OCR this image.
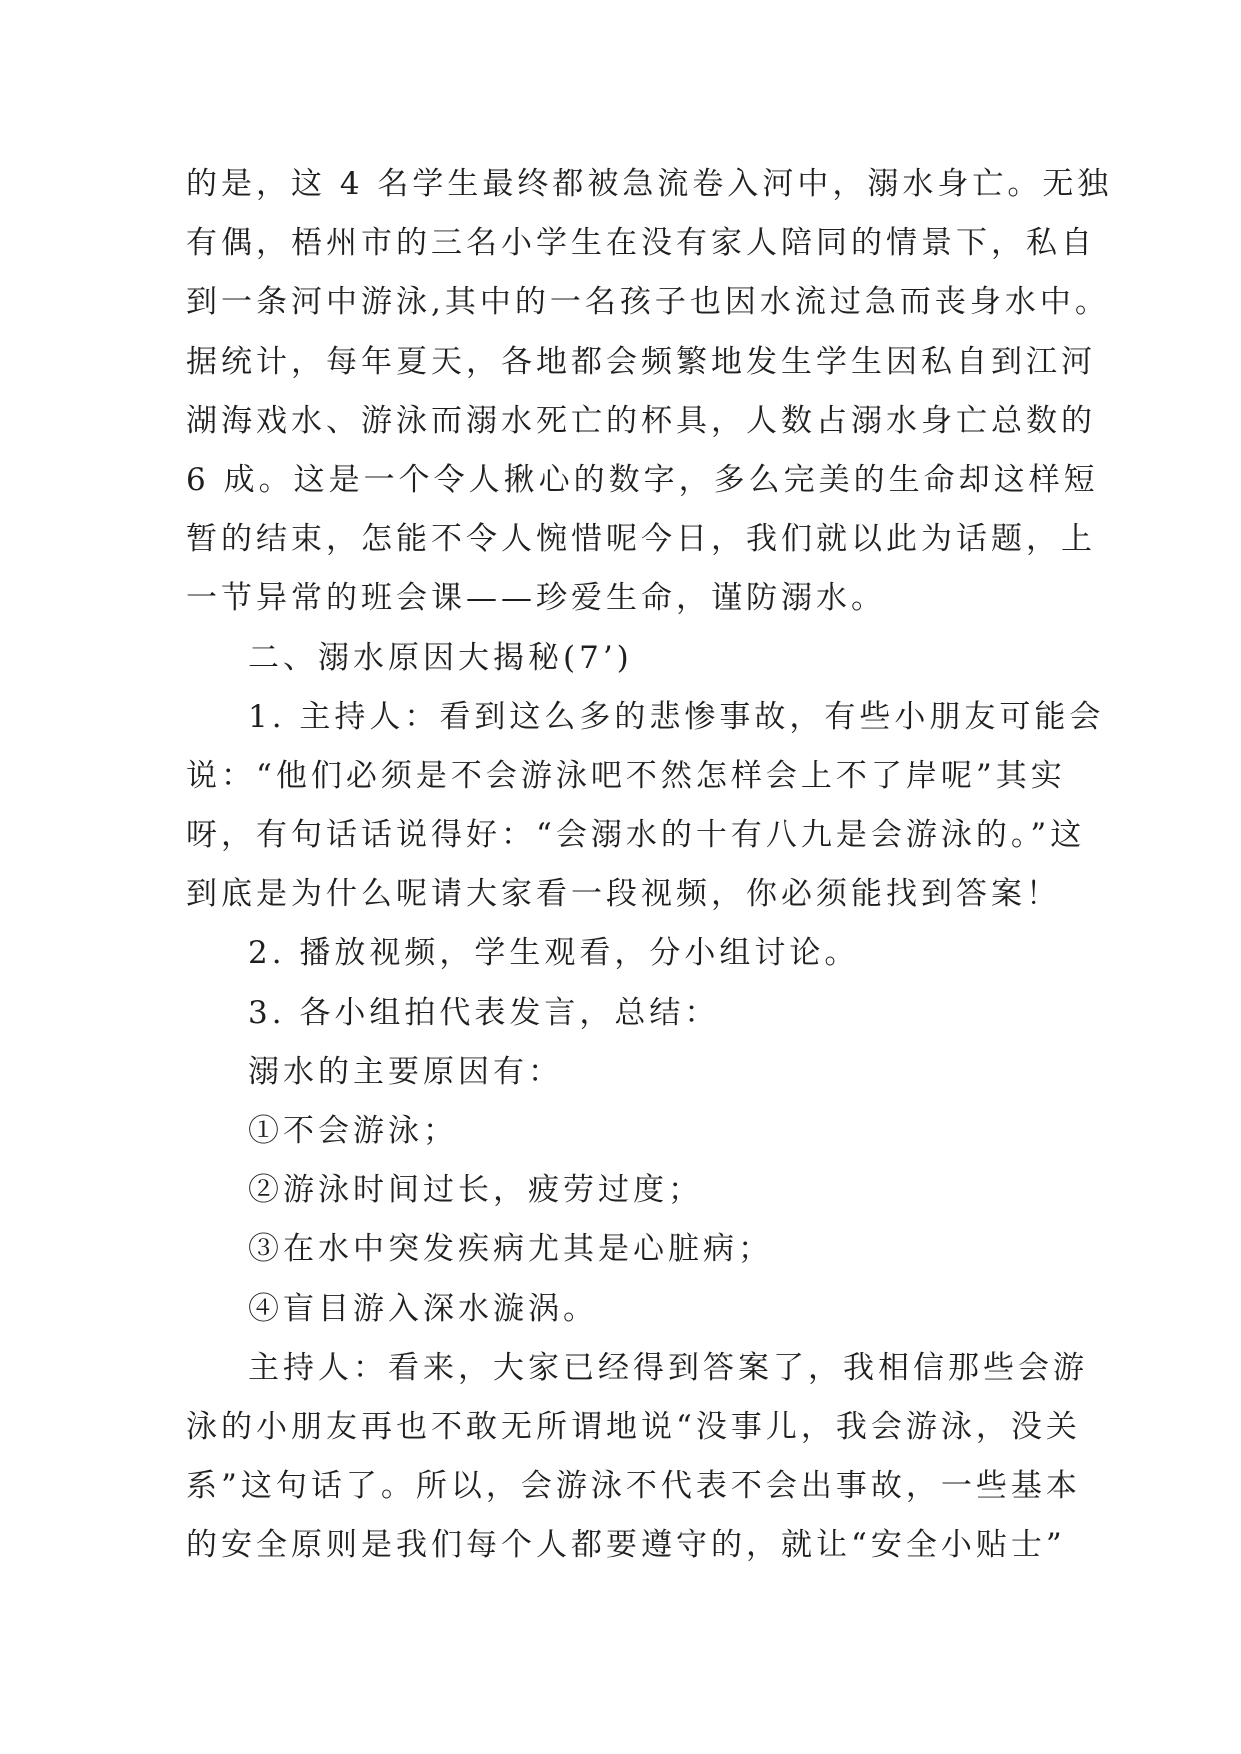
的是，这 4 名学生最终都被急流卷入河中，溺水身亡。无独
有偶，梧州市的三名小学生在没有家人陪同的情景下，私自
到一条河中游泳,其中的一名孩子也因水流过急而丧身水中。
据统计，每年夏天，各地都会频繁地发生学生因私自到江河
湖海戏水、游泳而溺水死亡的杯具，人数占溺水身亡总数的
6 成。这是一个令人揪心的数字，多么完美的生命却这样短
暂的结束，怎能不令人惋惜呢今日，我们就以此为话题，上
一节异常的班会课——珍爱生命，谨防溺水。
二、溺水原因大揭秘(7’)
1. 主持人：看到这么多的悲惨事故，有些小朋友可能会
说：“他们必须是不会游泳吧不然怎样会上不了岸呢”其实
呀，有句话话说得好：“会溺水的十有八九是会游泳的。”这
到底是为什么呢请大家看一段视频，你必须能找到答案！
2. 播放视频，学生观看，分小组讨论。
3. 各小组拍代表发言，总结：
溺水的主要原因有：
①不会游泳；
②游泳时间过长，疲劳过度；
③在水中突发疾病尤其是心脏病；
④盲目游入深水漩涡。
主持人：看来，大家已经得到答案了，我相信那些会游
泳的小朋友再也不敢无所谓地说“没事儿，我会游泳，没关
系”这句话了。所以，会游泳不代表不会出事故，一些基本
的安全原则是我们每个人都要遵守的，就让“安全小贴士”
